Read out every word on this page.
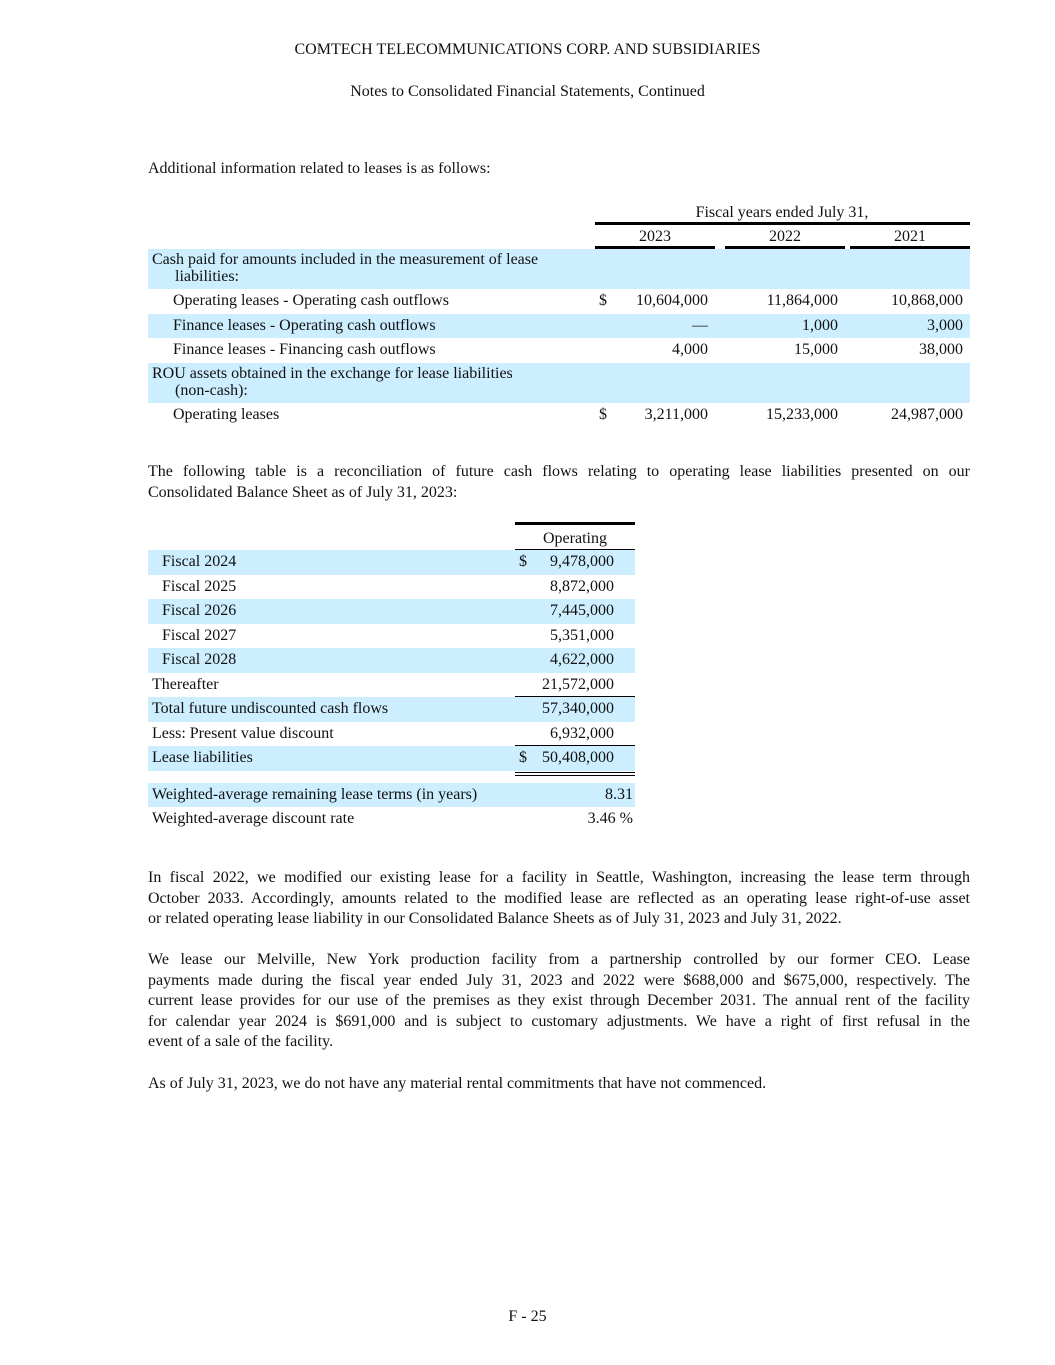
COMTECH TELECOMMUNICATIONS CORP. AND SUBSIDIARIES
Notes to Consolidated Financial Statements, Continued
Additional information related to leases is as follows:
Fiscal years ended July 31,
2023	2022	2021
Cash paid for amounts included in the measurement of lease
liabilities:
Operating leases - Operating cash outflows	$ 10,604,000	11,864,000	10,868,000
Finance leases - Operating cash outflows	—	1,000	3,000
Finance leases - Financing cash outflows	4,000	15,000	38,000
ROU assets obtained in the exchange for lease liabilities
(non-cash):
Operating leases	$ 3,211,000	15,233,000	24,987,000
The following table is a reconciliation of future cash flows relating to operating lease liabilities presented on our
Consolidated Balance Sheet as of July 31, 2023:
Operating
Fiscal 2024	$ 9,478,000
Fiscal 2025	8,872,000
Fiscal 2026	7,445,000
Fiscal 2027	5,351,000
Fiscal 2028	4,622,000
Thereafter	21,572,000
Total future undiscounted cash flows	57,340,000
Less: Present value discount	6,932,000
Lease liabilities	$ 50,408,000
Weighted-average remaining lease terms (in years)	8.31
Weighted-average discount rate	3.46 %
In fiscal 2022, we modified our existing lease for a facility in Seattle, Washington, increasing the lease term through
October 2033. Accordingly, amounts related to the modified lease are reflected as an operating lease right-of-use asset
or related operating lease liability in our Consolidated Balance Sheets as of July 31, 2023 and July 31, 2022.
We lease our Melville, New York production facility from a partnership controlled by our former CEO. Lease
payments made during the fiscal year ended July 31, 2023 and 2022 were $688,000 and $675,000, respectively. The
current lease provides for our use of the premises as they exist through December 2031. The annual rent of the facility
for calendar year 2024 is $691,000 and is subject to customary adjustments. We have a right of first refusal in the
event of a sale of the facility.
As of July 31, 2023, we do not have any material rental commitments that have not commenced.
F - 25
